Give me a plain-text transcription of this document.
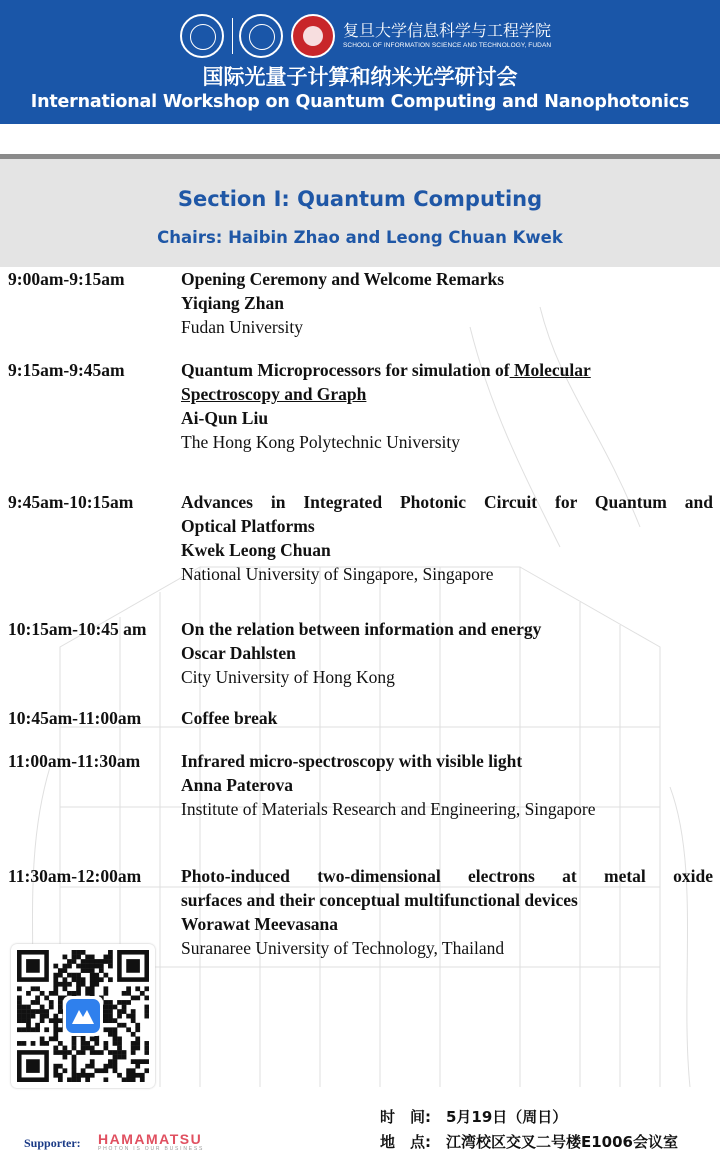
复旦大学信息科学与工程学院
SCHOOL OF INFORMATION SCIENCE AND TECHNOLOGY, FUDAN
国际光量子计算和纳米光学研讨会
International Workshop on Quantum Computing and Nanophotonics
Section I: Quantum Computing
Chairs: Haibin Zhao and Leong Chuan Kwek
9:00am-9:15am	Opening Ceremony and Welcome Remarks
Yiqiang Zhan
Fudan University
9:15am-9:45am	Quantum Microprocessors for simulation of Molecular
Spectroscopy and Graph
Ai-Qun Liu
The Hong Kong Polytechnic University
9:45am-10:15am	Advances in Integrated Photonic Circuit for Quantum and
Optical Platforms
Kwek Leong Chuan
National University of Singapore, Singapore
10:15am-10:45 am On the relation between information and energy
Oscar Dahlsten
City University of Hong Kong
10:45am-11:00am Coffee break
11:00am-11:30am Infrared micro-spectroscopy with visible light
Anna Paterova
Institute of Materials Research and Engineering, Singapore
11:30am-12:00am Photo-induced two-dimensional electrons at metal oxide
surfaces and their conceptual multifunctional devices
Worawat Meevasana
Suranaree University of Technology, Thailand
时　间:　5月19日（周日）
地　点:　江湾校区交叉二号楼E1006会议室
Supporter: HAMAMATSU
PHOTON IS OUR BUSINESS
